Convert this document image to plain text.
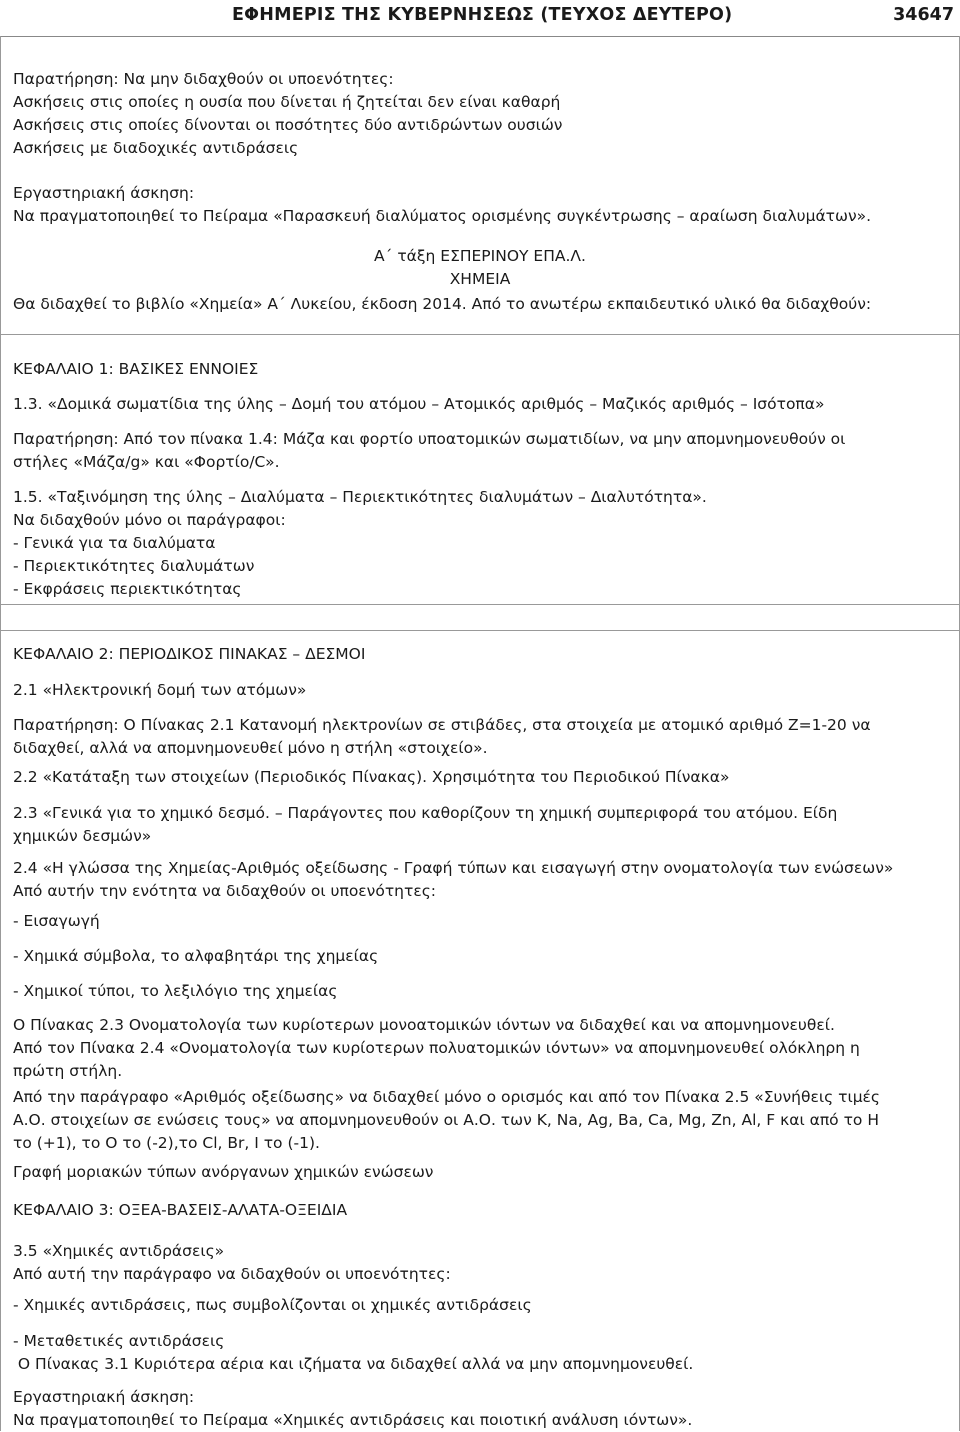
ΕΦΗΜΕΡΙΣ ΤΗΣ ΚΥΒΕΡΝΗΣΕΩΣ (ΤΕΥΧΟΣ ΔΕΥΤΕΡΟ)	34647
Παρατήρηση: Να μην διδαχθούν οι υποενότητες:
Ασκήσεις στις οποίες η ουσία που δίνεται ή ζητείται δεν είναι καθαρή
Ασκήσεις στις οποίες δίνονται οι ποσότητες δύο αντιδρώντων ουσιών
Ασκήσεις με διαδοχικές αντιδράσεις
Εργαστηριακή άσκηση:
Να πραγματοποιηθεί το Πείραμα «Παρασκευή διαλύματος ορισμένης συγκέντρωσης – αραίωση διαλυμάτων».
Α΄ τάξη ΕΣΠΕΡΙΝΟΥ ΕΠΑ.Λ.
ΧΗΜΕΙΑ
Θα διδαχθεί το βιβλίο «Χημεία» Α΄ Λυκείου, έκδοση 2014. Από το ανωτέρω εκπαιδευτικό υλικό θα διδαχθούν:
ΚΕΦΑΛΑΙΟ 1: ΒΑΣΙΚΕΣ ΕΝΝΟΙΕΣ
1.3. «Δομικά σωματίδια της ύλης – Δομή του ατόμου – Ατομικός αριθμός – Μαζικός αριθμός – Ισότοπα»
Παρατήρηση: Από τον πίνακα 1.4: Μάζα και φορτίο υποατομικών σωματιδίων, να μην απομνημονευθούν οι
στήλες «Μάζα/g» και «Φορτίο/C».
1.5. «Ταξινόμηση της ύλης – Διαλύματα – Περιεκτικότητες διαλυμάτων – Διαλυτότητα».
Να διδαχθούν μόνο οι παράγραφοι:
- Γενικά για τα διαλύματα
- Περιεκτικότητες διαλυμάτων
- Εκφράσεις περιεκτικότητας
ΚΕΦΑΛΑΙΟ 2: ΠΕΡΙΟΔΙΚΟΣ ΠΙΝΑΚΑΣ – ΔΕΣΜΟΙ
2.1 «Ηλεκτρονική δομή των ατόμων»
Παρατήρηση: Ο Πίνακας 2.1 Κατανομή ηλεκτρονίων σε στιβάδες, στα στοιχεία με ατομικό αριθμό Z=1-20 να
διδαχθεί, αλλά να απομνημονευθεί μόνο η στήλη «στοιχείο».
2.2 «Κατάταξη των στοιχείων (Περιοδικός Πίνακας). Χρησιμότητα του Περιοδικού Πίνακα»
2.3 «Γενικά για το χημικό δεσμό. – Παράγοντες που καθορίζουν τη χημική συμπεριφορά του ατόμου. Είδη
χημικών δεσμών»
2.4 «Η γλώσσα της Χημείας-Αριθμός οξείδωσης - Γραφή τύπων και εισαγωγή στην ονοματολογία των ενώσεων»
Από αυτήν την ενότητα να διδαχθούν οι υποενότητες:
- Εισαγωγή
- Χημικά σύμβολα, το αλφαβητάρι της χημείας
- Χημικοί τύποι, το λεξιλόγιο της χημείας
Ο Πίνακας 2.3 Ονοματολογία των κυρίοτερων μονοατομικών ιόντων να διδαχθεί και να απομνημονευθεί.
Από τον Πίνακα 2.4 «Ονοματολογία των κυρίοτερων πολυατομικών ιόντων» να απομνημονευθεί ολόκληρη η
πρώτη στήλη.
Από την παράγραφο «Αριθμός οξείδωσης» να διδαχθεί μόνο ο ορισμός και από τον Πίνακα 2.5 «Συνήθεις τιμές
Α.Ο. στοιχείων σε ενώσεις τους» να απομνημονευθούν οι Α.Ο. των K, Na, Ag, Ba, Ca, Mg, Zn, Al, F και από το H
το (+1), το O το (-2),το Cl, Br, I το (-1).
Γραφή μοριακών τύπων ανόργανων χημικών ενώσεων
ΚΕΦΑΛΑΙΟ 3: ΟΞΕΑ-ΒΑΣΕΙΣ-ΑΛΑΤΑ-ΟΞΕΙΔΙΑ
3.5 «Χημικές αντιδράσεις»
Από αυτή την παράγραφο να διδαχθούν οι υποενότητες:
- Χημικές αντιδράσεις, πως συμβολίζονται οι χημικές αντιδράσεις
- Μεταθετικές αντιδράσεις
Ο Πίνακας 3.1 Κυριότερα αέρια και ιζήματα να διδαχθεί αλλά να μην απομνημονευθεί.
Εργαστηριακή άσκηση:
Να πραγματοποιηθεί το Πείραμα «Χημικές αντιδράσεις και ποιοτική ανάλυση ιόντων».
